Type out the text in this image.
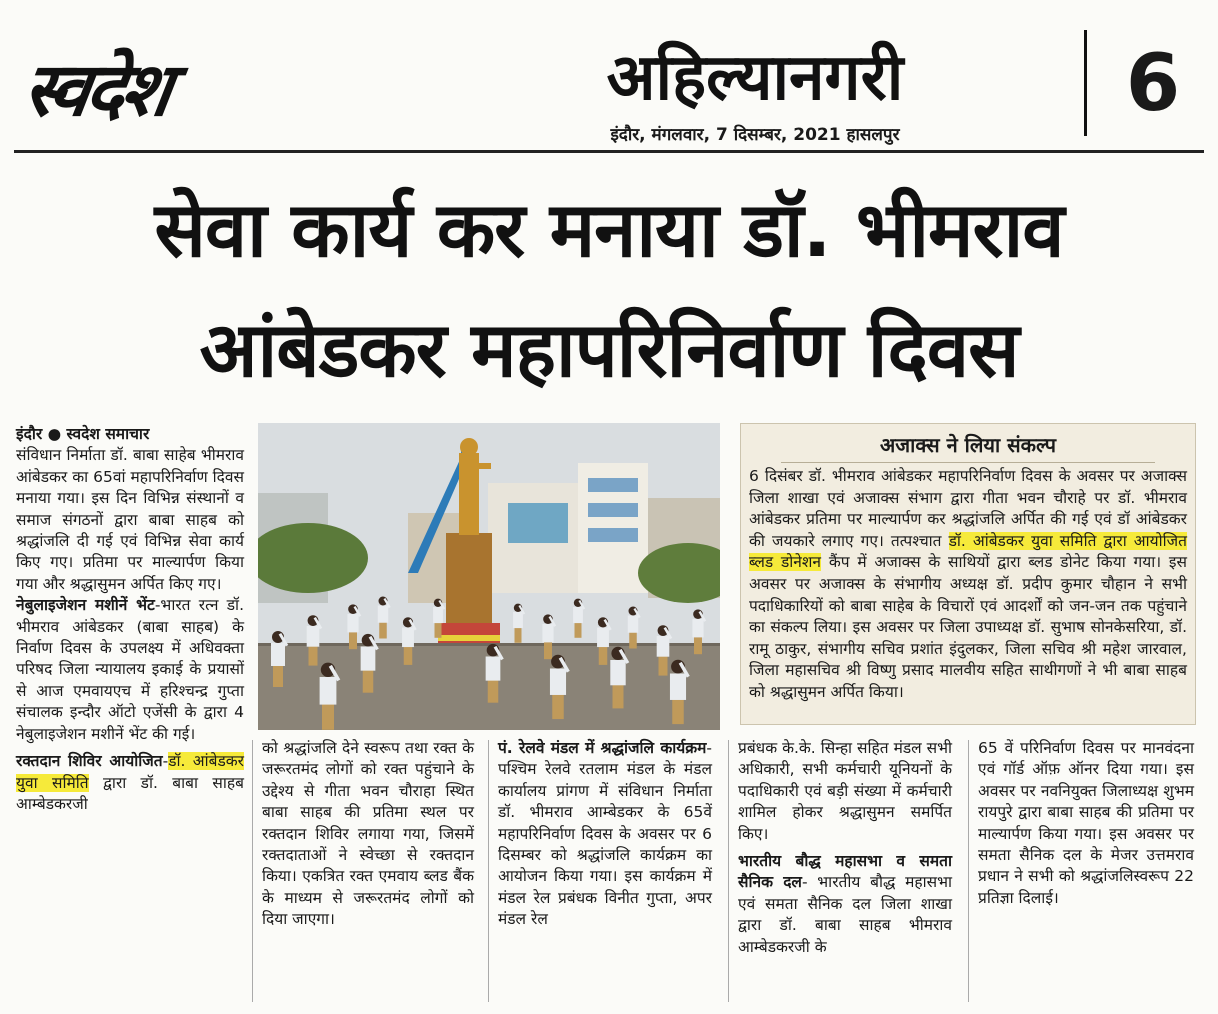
स्वदेश	अहिल्यानगरी
इंदौर, मंगलवार, 7 दिसम्बर, 2021 हासलपुर
6
सेवा कार्य कर मनाया डॉ. भीमराव
आंबेडकर महापरिनिर्वाण दिवस

इंदौर ● स्वदेश समाचार

संविधान निर्माता डॉ. बाबा साहेब भीमराव आंबेडकर का 65वां महापरिनिर्वाण दिवस मनाया गया। इस दिन विभिन्न संस्थानों व समाज संगठनों द्वारा बाबा साहब को श्रद्धांजलि दी गई एवं विभिन्न सेवा कार्य किए गए। प्रतिमा पर माल्यार्पण किया गया और श्रद्धासुमन अर्पित किए गए।

नेबुलाइजेशन मशीनें भेंट-भारत रत्न डॉ. भीमराव आंबेडकर (बाबा साहब) के निर्वाण दिवस के उपलक्ष्य में अधिवक्ता परिषद जिला न्यायालय इकाई के प्रयासों से आज एमवायएच में हरिश्चन्द्र गुप्ता संचालक इन्दौर ऑटो एजेंसी के द्वारा 4 नेबुलाइजेशन मशीनें भेंट की गई।

रक्तदान शिविर आयोजित-डॉ. आंबेडकर युवा समिति द्वारा डॉ. बाबा साहब आम्बेडकरजी

को श्रद्धांजलि देने स्वरूप तथा रक्त के जरूरतमंद लोगों को रक्त पहुंचाने के उद्देश्य से गीता भवन चौराहा स्थित बाबा साहब की प्रतिमा स्थल पर रक्तदान शिविर लगाया गया, जिसमें रक्तदाताओं ने स्वेच्छा से रक्तदान किया। एकत्रित रक्त एमवाय ब्लड बैंक के माध्यम से जरूरतमंद लोगों को दिया जाएगा।

पं. रेलवे मंडल में श्रद्धांजलि कार्यक्रम- पश्चिम रेलवे रतलाम मंडल के मंडल कार्यालय प्रांगण में संविधान निर्माता डॉ. भीमराव आम्बेडकर के 65वें महापरिनिर्वाण दिवस के अवसर पर 6 दिसम्बर को श्रद्धांजलि कार्यक्रम का आयोजन किया गया। इस कार्यक्रम में मंडल रेल प्रबंधक विनीत गुप्ता, अपर मंडल रेल

प्रबंधक के.के. सिन्हा सहित मंडल सभी अधिकारी, सभी कर्मचारी यूनियनों के पदाधिकारी एवं बड़ी संख्या में कर्मचारी शामिल होकर श्रद्धासुमन समर्पित किए।

भारतीय बौद्ध महासभा व समता सैनिक दल- भारतीय बौद्ध महासभा एवं समता सैनिक दल जिला शाखा द्वारा डॉ. बाबा साहब भीमराव आम्बेडकरजी के

65 वें परिनिर्वाण दिवस पर मानवंदना एवं गॉर्ड ऑफ़ ऑनर दिया गया। इस अवसर पर नवनियुक्त जिलाध्यक्ष शुभम रायपुरे द्वारा बाबा साहब की प्रतिमा पर माल्यार्पण किया गया। इस अवसर पर समता सैनिक दल के मेजर उत्तमराव प्रधान ने सभी को श्रद्धांजलिस्वरूप 22 प्रतिज्ञा दिलाई।

अजाक्स ने लिया संकल्प
6 दिसंबर डॉ. भीमराव आंबेडकर महापरिनिर्वाण दिवस के अवसर पर अजाक्स जिला शाखा एवं अजाक्स संभाग द्वारा गीता भवन चौराहे पर डॉ. भीमराव आंबेडकर प्रतिमा पर माल्यार्पण कर श्रद्धांजलि अर्पित की गई एवं डॉ आंबेडकर की जयकारे लगाए गए। तत्पश्चात डॉ. आंबेडकर युवा समिति द्वारा आयोजित ब्लड डोनेशन कैंप में अजाक्स के साथियों द्वारा ब्लड डोनेट किया गया। इस अवसर पर अजाक्स के संभागीय अध्यक्ष डॉ. प्रदीप कुमार चौहान ने सभी पदाधिकारियों को बाबा साहेब के विचारों एवं आदर्शों को जन-जन तक पहुंचाने का संकल्प लिया। इस अवसर पर जिला उपाध्यक्ष डॉ. सुभाष सोनकेसरिया, डॉ. रामू ठाकुर, संभागीय सचिव प्रशांत इंदुलकर, जिला सचिव श्री महेश जारवाल, जिला महासचिव श्री विष्णु प्रसाद मालवीय सहित साथीगणों ने भी बाबा साहब को श्रद्धासुमन अर्पित किया।
